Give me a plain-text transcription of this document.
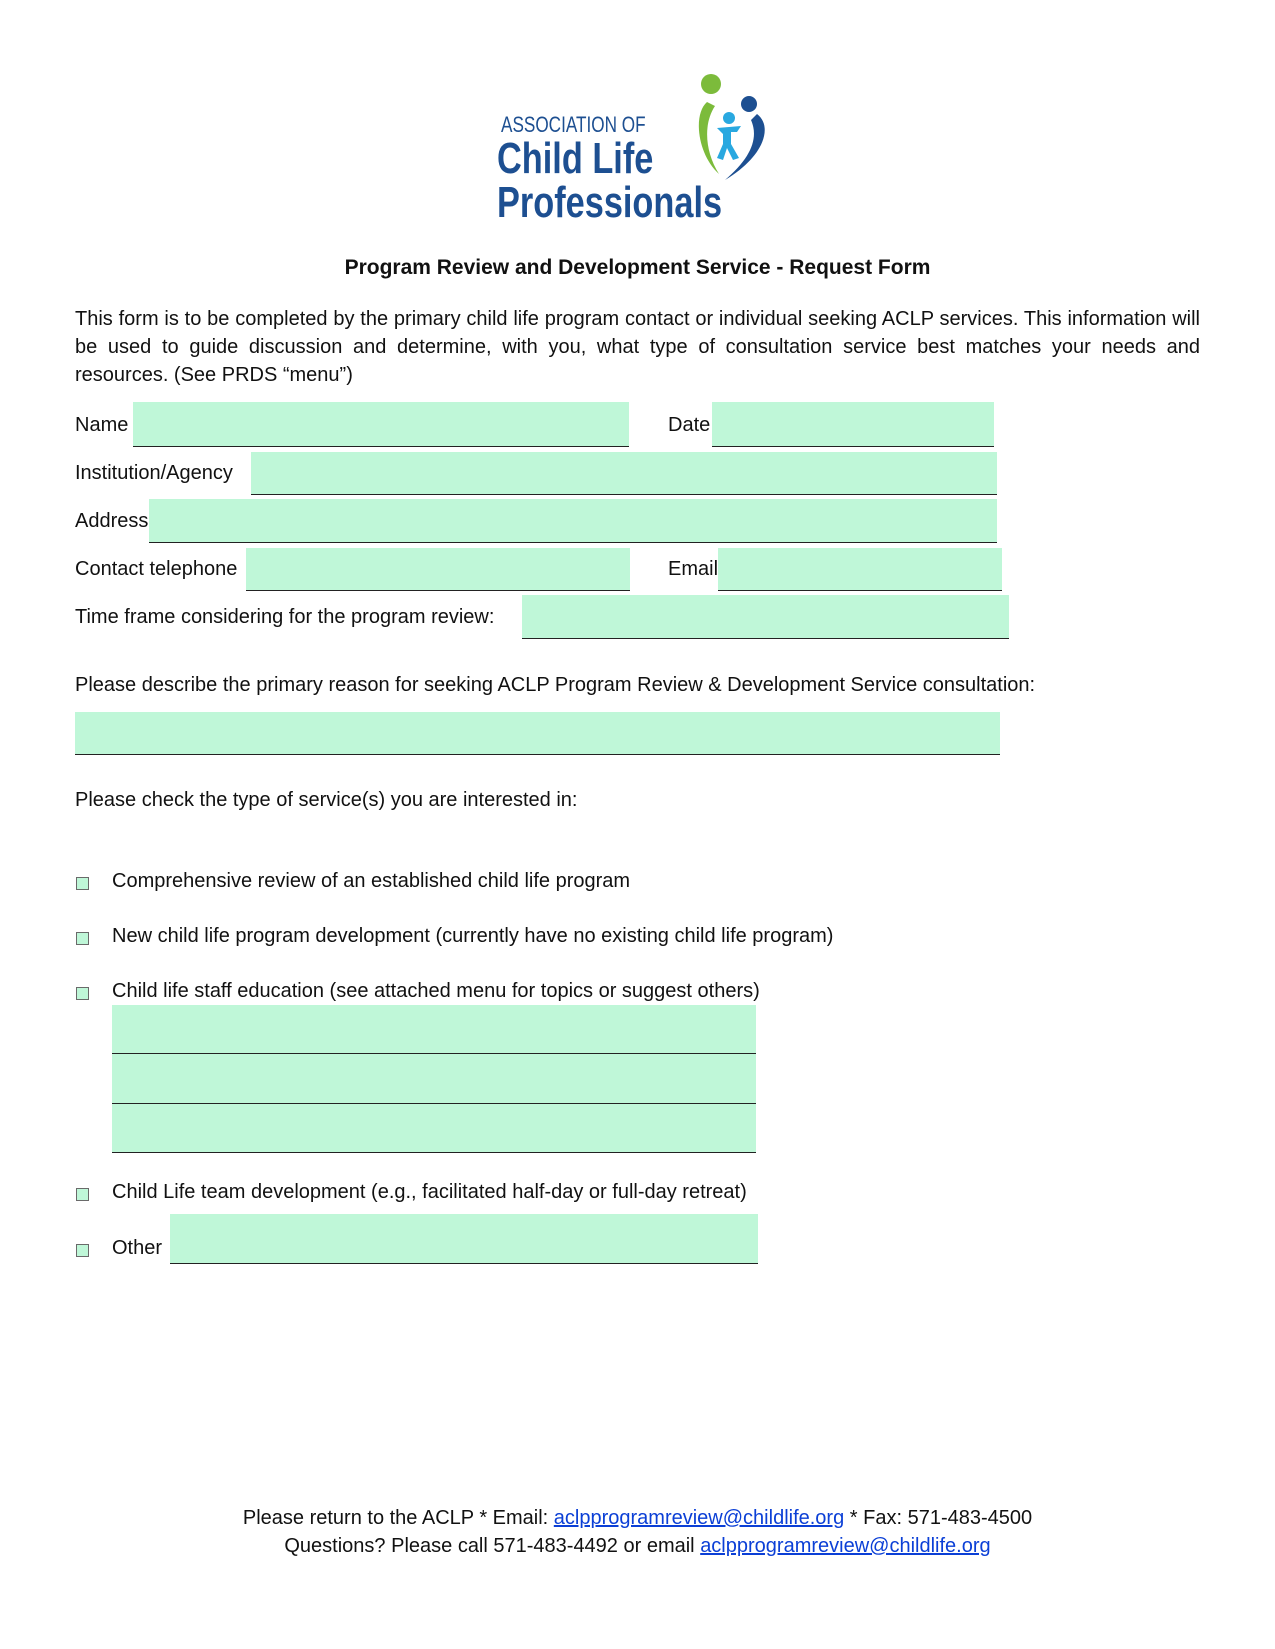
ASSOCIATION OF
Child Life
Professionals
Program Review and Development Service - Request Form
This form is to be completed by the primary child life program contact or individual seeking ACLP services. This information will be used to guide discussion and determine, with you, what type of consultation service best matches your needs and resources. (See PRDS “menu”)
Name	Date
Institution/Agency
Address
Contact telephone	Email
Time frame considering for the program review:
Please describe the primary reason for seeking ACLP Program Review & Development Service consultation:
Please check the type of service(s) you are interested in:
Comprehensive review of an established child life program
New child life program development (currently have no existing child life program)
Child life staff education (see attached menu for topics or suggest others)
Child Life team development (e.g., facilitated half-day or full-day retreat)
Other
Please return to the ACLP * Email: aclpprogramreview@childlife.org * Fax: 571-483-4500
Questions? Please call 571-483-4492 or email aclpprogramreview@childlife.org
